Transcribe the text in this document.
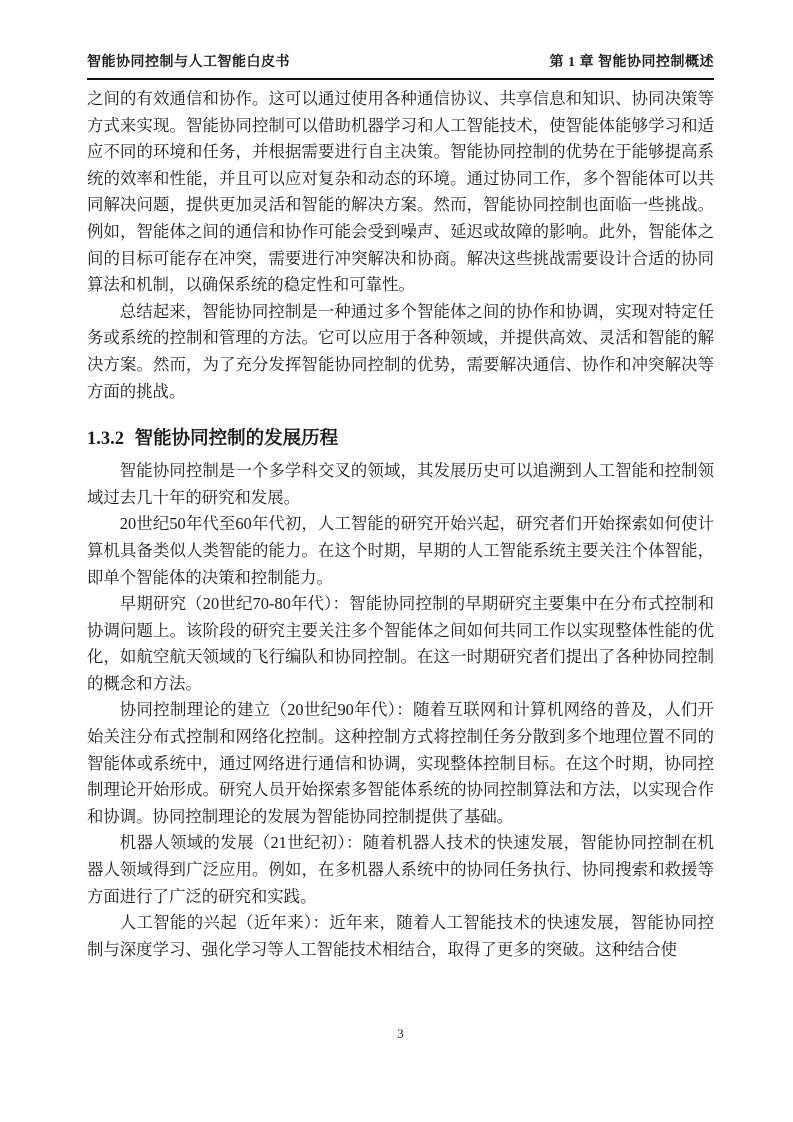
智能协同控制与人工智能白皮书	第 1 章 智能协同控制概述

之间的有效通信和协作。这可以通过使用各种通信协议、共享信息和知识、协同决策等方式来实现。智能协同控制可以借助机器学习和人工智能技术，使智能体能够学习和适应不同的环境和任务，并根据需要进行自主决策。智能协同控制的优势在于能够提高系统的效率和性能，并且可以应对复杂和动态的环境。通过协同工作，多个智能体可以共同解决问题，提供更加灵活和智能的解决方案。然而，智能协同控制也面临一些挑战。例如，智能体之间的通信和协作可能会受到噪声、延迟或故障的影响。此外，智能体之间的目标可能存在冲突，需要进行冲突解决和协商。解决这些挑战需要设计合适的协同算法和机制，以确保系统的稳定性和可靠性。

总结起来，智能协同控制是一种通过多个智能体之间的协作和协调，实现对特定任务或系统的控制和管理的方法。它可以应用于各种领域，并提供高效、灵活和智能的解决方案。然而，为了充分发挥智能协同控制的优势，需要解决通信、协作和冲突解决等方面的挑战。

1.3.2 智能协同控制的发展历程

智能协同控制是一个多学科交叉的领域，其发展历史可以追溯到人工智能和控制领域过去几十年的研究和发展。

20世纪50年代至60年代初，人工智能的研究开始兴起，研究者们开始探索如何使计算机具备类似人类智能的能力。在这个时期，早期的人工智能系统主要关注个体智能，即单个智能体的决策和控制能力。

早期研究（20世纪70-80年代）：智能协同控制的早期研究主要集中在分布式控制和协调问题上。该阶段的研究主要关注多个智能体之间如何共同工作以实现整体性能的优化，如航空航天领域的飞行编队和协同控制。在这一时期研究者们提出了各种协同控制的概念和方法。

协同控制理论的建立（20世纪90年代）：随着互联网和计算机网络的普及，人们开始关注分布式控制和网络化控制。这种控制方式将控制任务分散到多个地理位置不同的智能体或系统中，通过网络进行通信和协调，实现整体控制目标。在这个时期，协同控制理论开始形成。研究人员开始探索多智能体系统的协同控制算法和方法，以实现合作和协调。协同控制理论的发展为智能协同控制提供了基础。

机器人领域的发展（21世纪初）：随着机器人技术的快速发展，智能协同控制在机器人领域得到广泛应用。例如，在多机器人系统中的协同任务执行、协同搜索和救援等方面进行了广泛的研究和实践。

人工智能的兴起（近年来）：近年来，随着人工智能技术的快速发展，智能协同控制与深度学习、强化学习等人工智能技术相结合，取得了更多的突破。这种结合使

3
